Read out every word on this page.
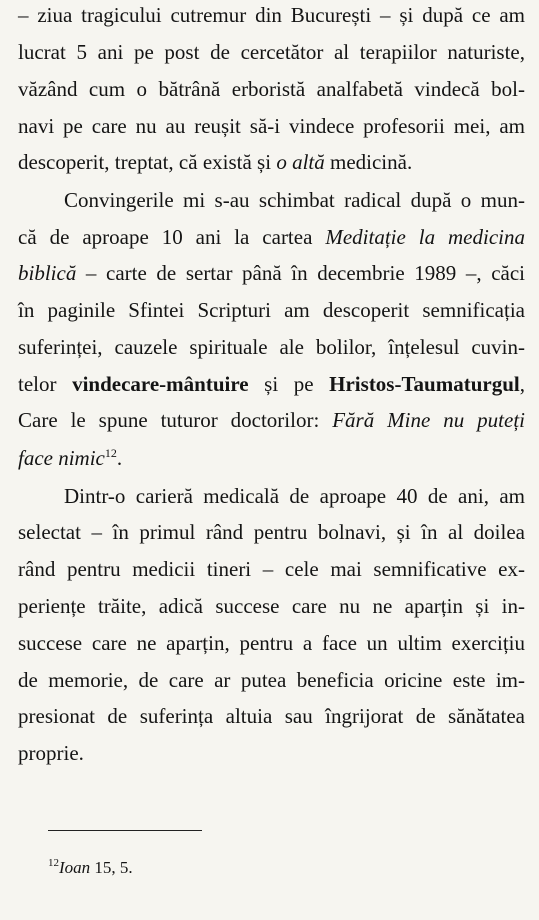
– ziua tragicului cutremur din București – și după ce am
lucrat 5 ani pe post de cercetător al terapiilor naturiste,
văzând cum o bătrână erboristă analfabetă vindecă bol-
navi pe care nu au reușit să-i vindece profesorii mei, am
descoperit, treptat, că există și o altă medicină.
Convingerile mi s-au schimbat radical după o mun-
că de aproape 10 ani la cartea Meditație la medicina
biblică – carte de sertar până în decembrie 1989 –, căci
în paginile Sfintei Scripturi am descoperit semnificația
suferinței, cauzele spirituale ale bolilor, înțelesul cuvin-
telor vindecare-mântuire și pe Hristos-Taumaturgul,
Care le spune tuturor doctorilor: Fără Mine nu puteți
face nimic$^{12}$.
Dintr-o carieră medicală de aproape 40 de ani, am
selectat – în primul rând pentru bolnavi, și în al doilea
rând pentru medicii tineri – cele mai semnificative ex-
periențe trăite, adică succese care nu ne aparțin și in-
succese care ne aparțin, pentru a face un ultim exercițiu
de memorie, de care ar putea beneficia oricine este im-
presionat de suferința altuia sau îngrijorat de sănătatea
proprie.
$^{12}$Ioan 15, 5.
